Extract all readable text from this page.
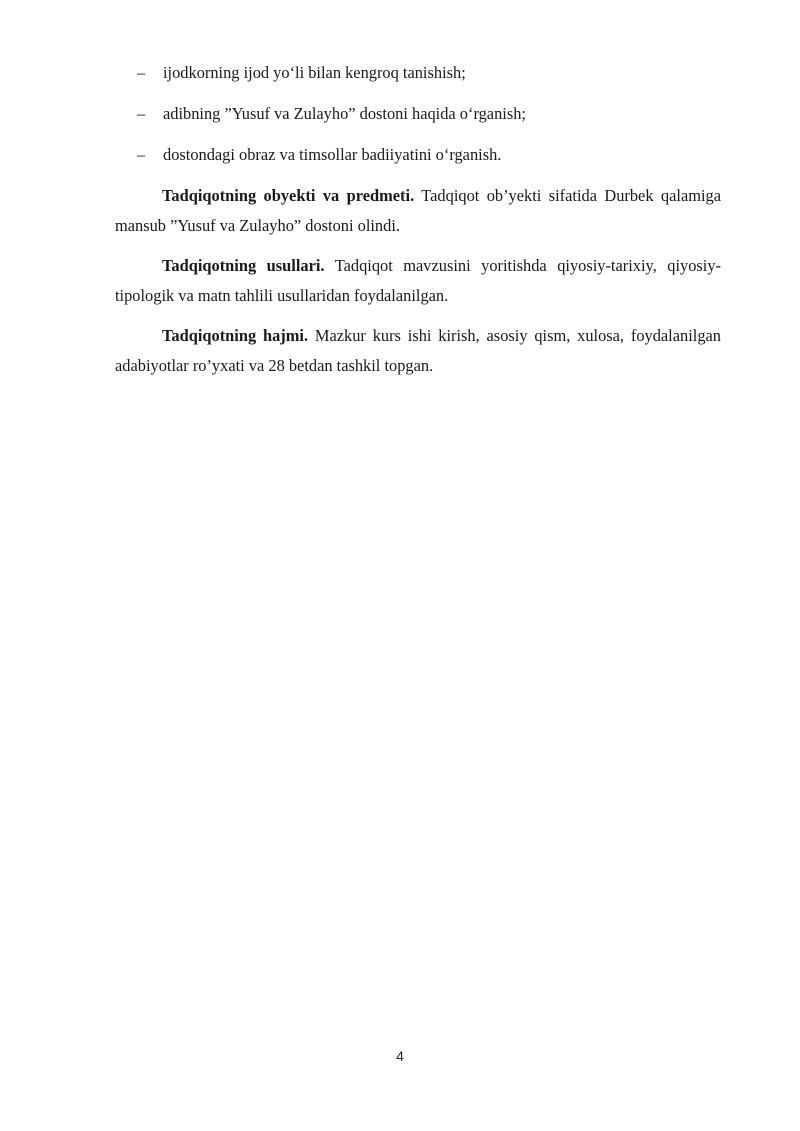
–	ijodkorning ijod yo‘li bilan kengroq tanishish;
–	adibning ”Yusuf va Zulayho” dostoni haqida o‘rganish;
–	dostondagi obraz va timsollar badiiyatini o‘rganish.

Tadqiqotning obyekti va predmeti. Tadqiqot ob’yekti sifatida Durbek qalamiga mansub ”Yusuf va Zulayho” dostoni olindi.

Tadqiqotning usullari. Tadqiqot mavzusini yoritishda qiyosiy-tarixiy, qiyosiy-tipologik va matn tahlili usullaridan foydalanilgan.

Tadqiqotning hajmi. Mazkur kurs ishi kirish, asosiy qism, xulosa, foydalanilgan adabiyotlar ro’yxati va 28 betdan tashkil topgan.

4
